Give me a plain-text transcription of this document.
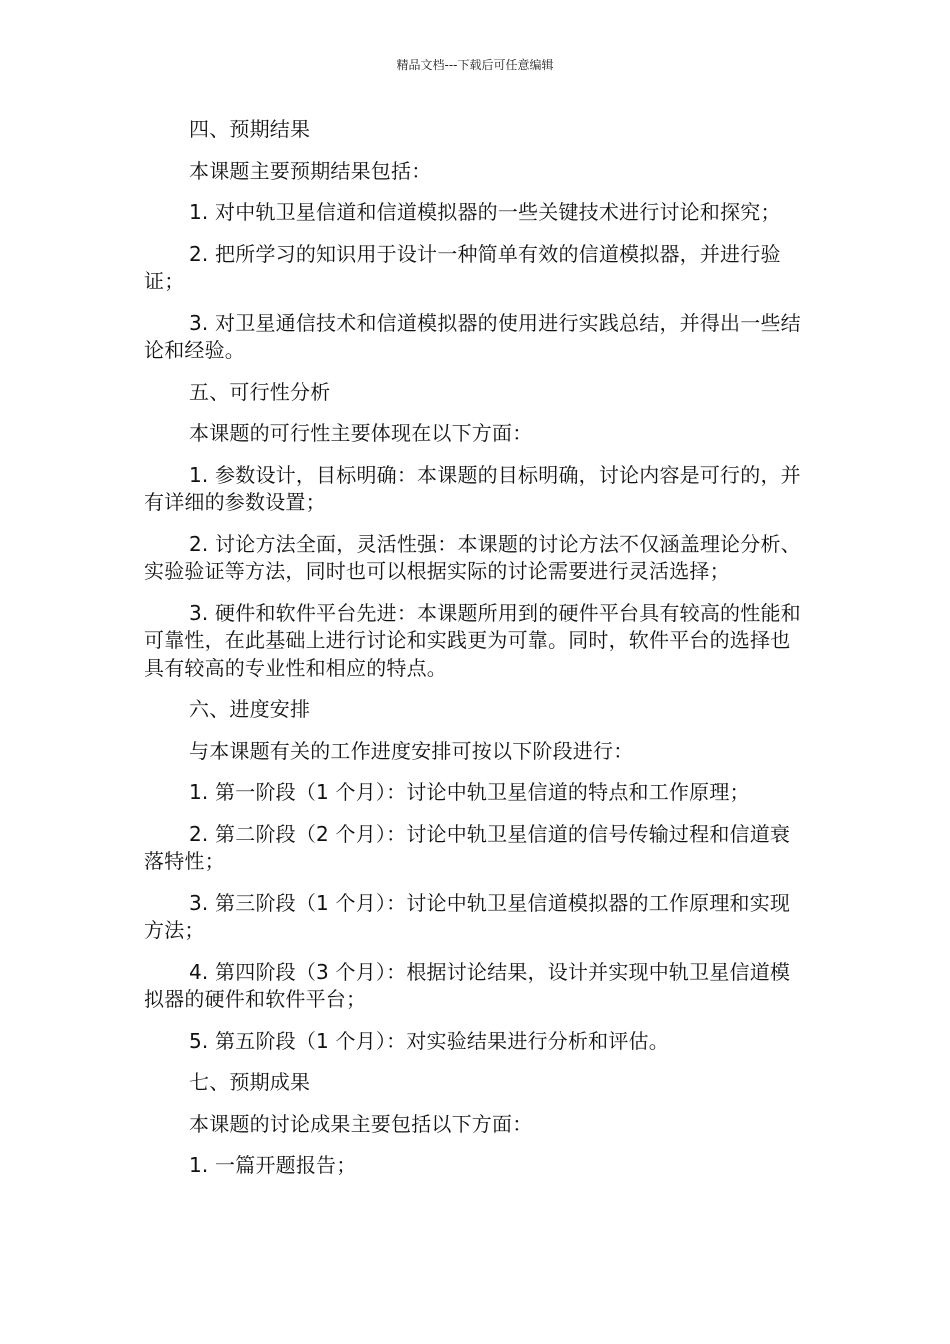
精品文档---下载后可任意编辑

四、预期结果

本课题主要预期结果包括：

1. 对中轨卫星信道和信道模拟器的一些关键技术进行讨论和探究；

2. 把所学习的知识用于设计一种简单有效的信道模拟器，并进行验证；

3. 对卫星通信技术和信道模拟器的使用进行实践总结，并得出一些结论和经验。

五、可行性分析

本课题的可行性主要体现在以下方面：

1. 参数设计，目标明确：本课题的目标明确，讨论内容是可行的，并有详细的参数设置；

2. 讨论方法全面，灵活性强：本课题的讨论方法不仅涵盖理论分析、实验验证等方法，同时也可以根据实际的讨论需要进行灵活选择；

3. 硬件和软件平台先进：本课题所用到的硬件平台具有较高的性能和可靠性，在此基础上进行讨论和实践更为可靠。同时，软件平台的选择也具有较高的专业性和相应的特点。

六、进度安排

与本课题有关的工作进度安排可按以下阶段进行：

1. 第一阶段（1 个月）：讨论中轨卫星信道的特点和工作原理；

2. 第二阶段（2 个月）：讨论中轨卫星信道的信号传输过程和信道衰落特性；

3. 第三阶段（1 个月）：讨论中轨卫星信道模拟器的工作原理和实现方法；

4. 第四阶段（3 个月）：根据讨论结果，设计并实现中轨卫星信道模拟器的硬件和软件平台；

5. 第五阶段（1 个月）：对实验结果进行分析和评估。

七、预期成果

本课题的讨论成果主要包括以下方面：

1. 一篇开题报告；
